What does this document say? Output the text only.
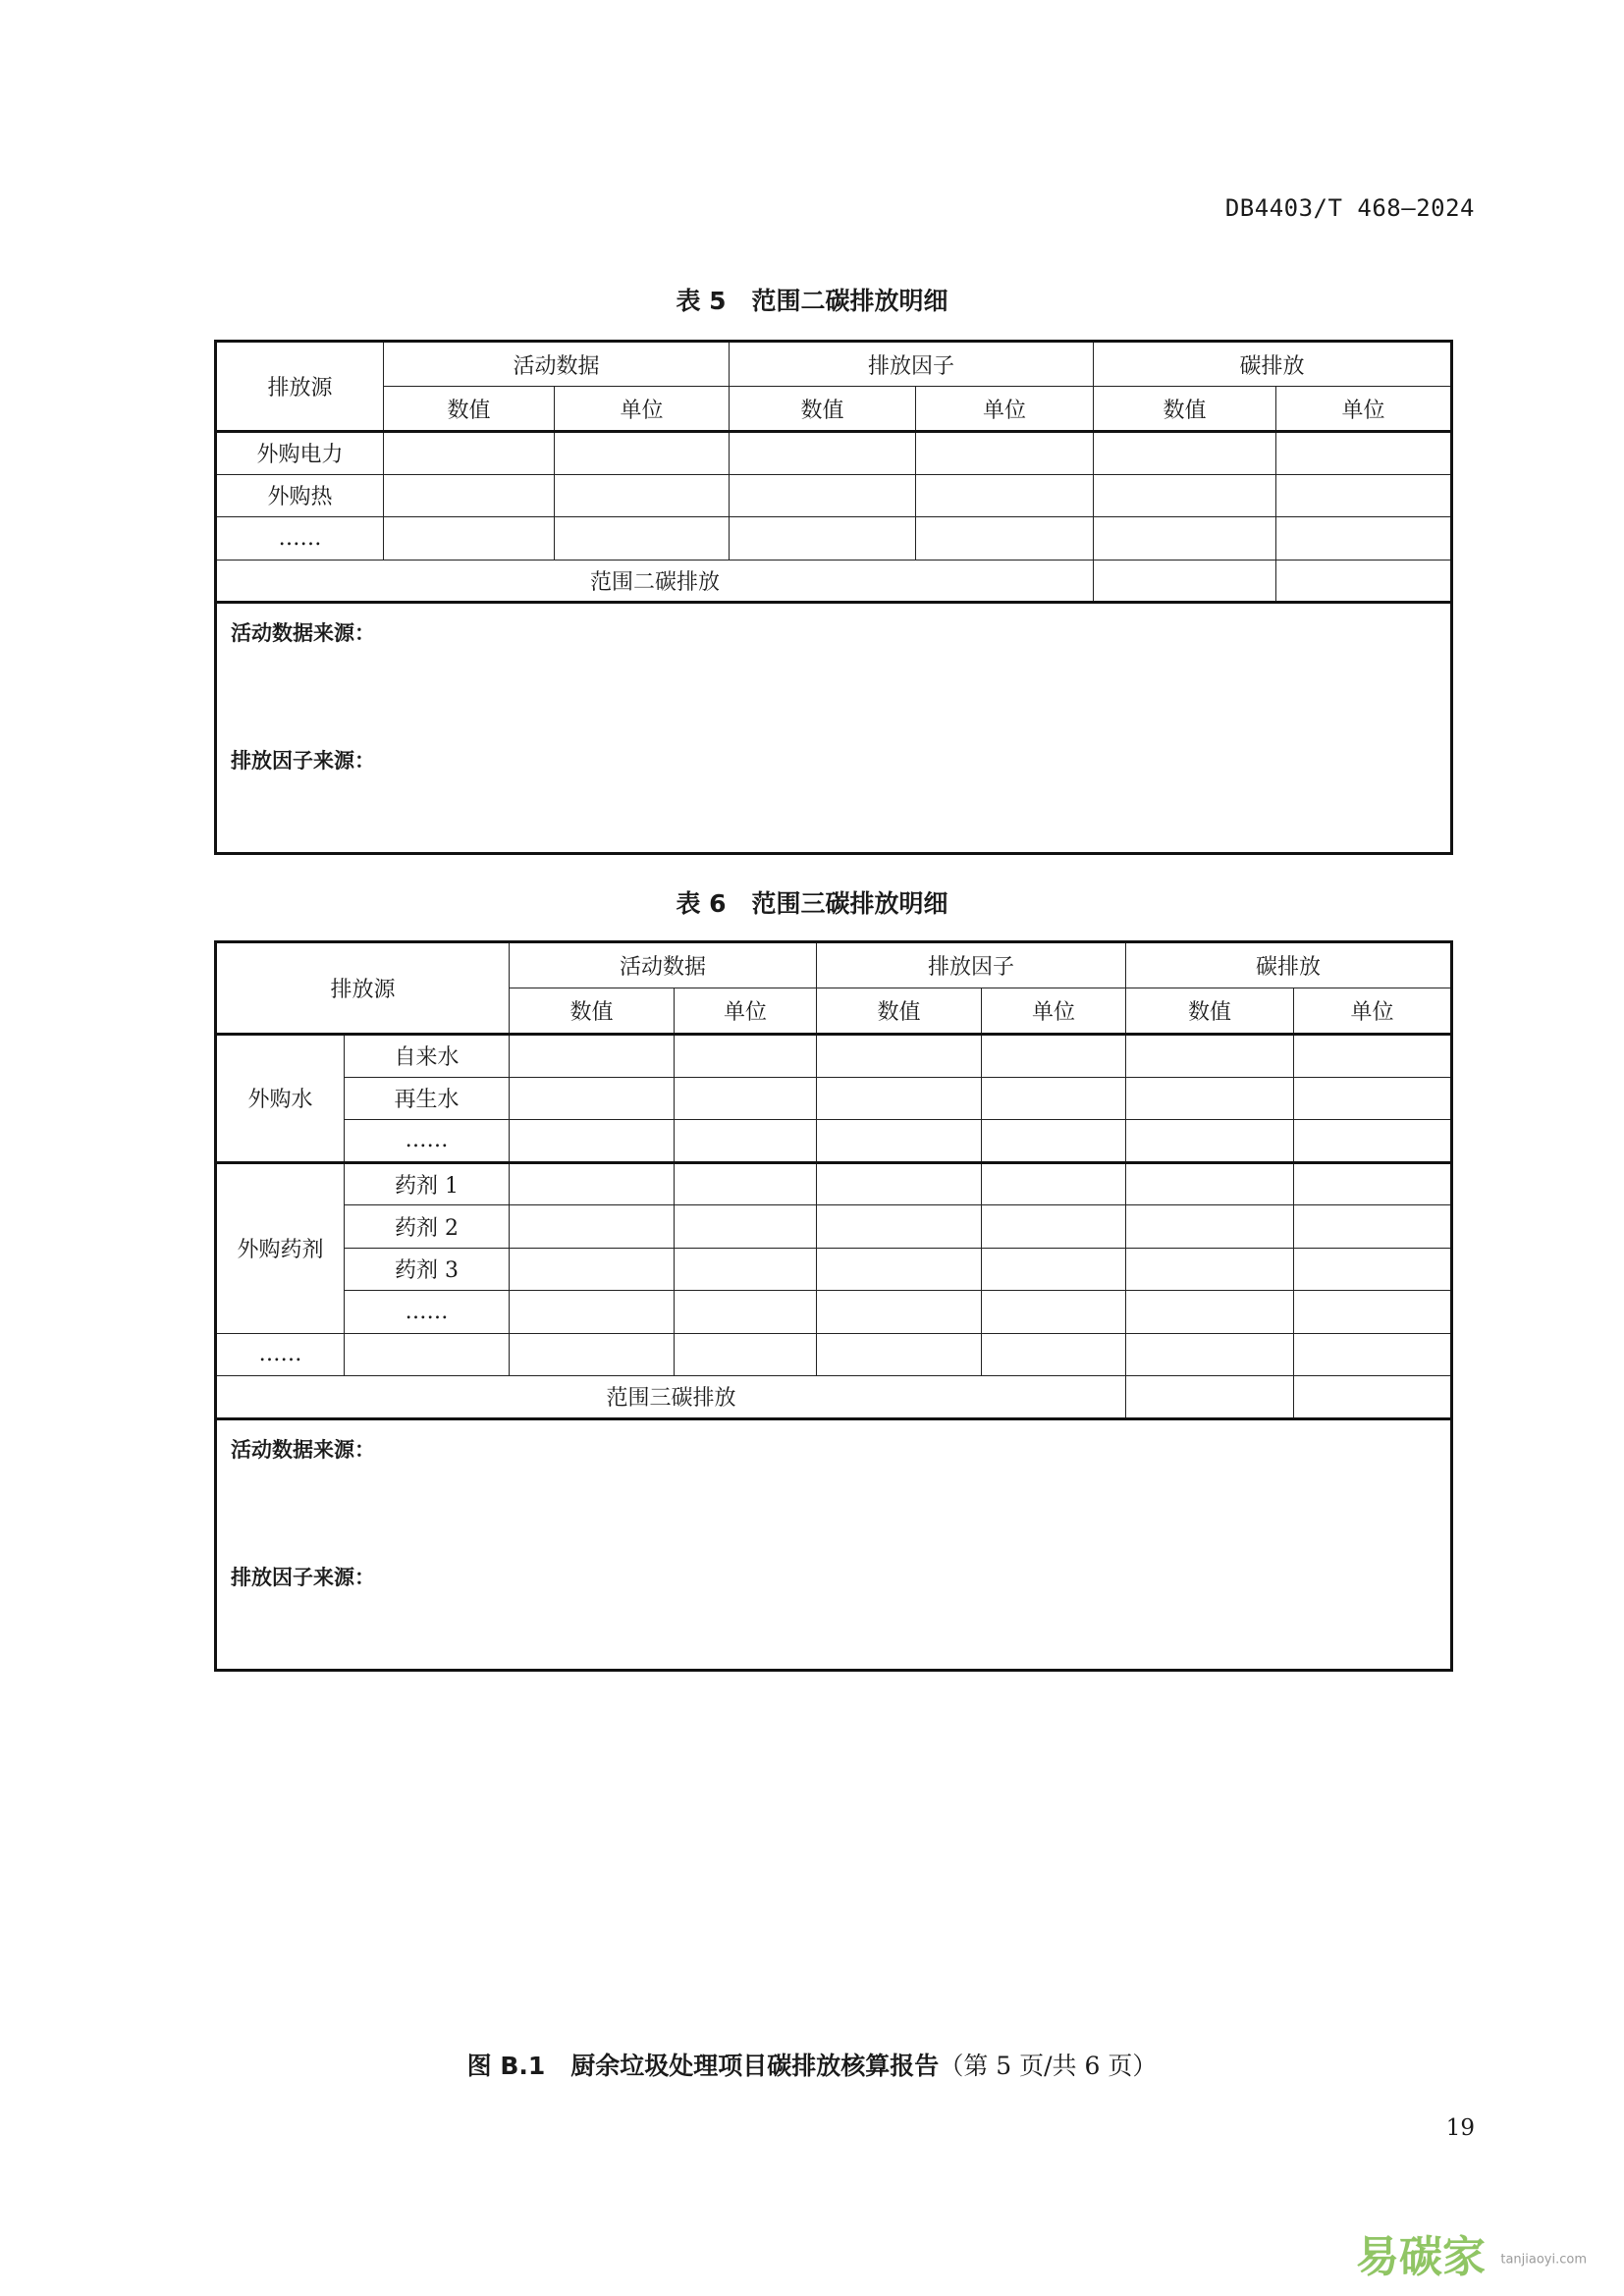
DB4403/T 468—2024
表 5 范围二碳排放明细
排放源	活动数据		排放因子		碳排放	
	数值	单位	数值	单位	数值	单位
外购电力						
外购热						
……						
范围二碳排放						

活动数据来源：
排放因子来源：						
表 6 范围三碳排放明细
排放源		活动数据		排放因子		碳排放	
		数值	单位	数值	单位	数值	单位
外购水	自来水						
	再生水						
	……						
外购药剂	药剂 1						
	药剂 2						
	药剂 3						
	……						
……							
范围三碳排放							

活动数据来源：
排放因子来源：							
图 B.1 厨余垃圾处理项目碳排放核算报告（第 5 页/共 6 页）
19
易碳家 tanjiaoyi.com
